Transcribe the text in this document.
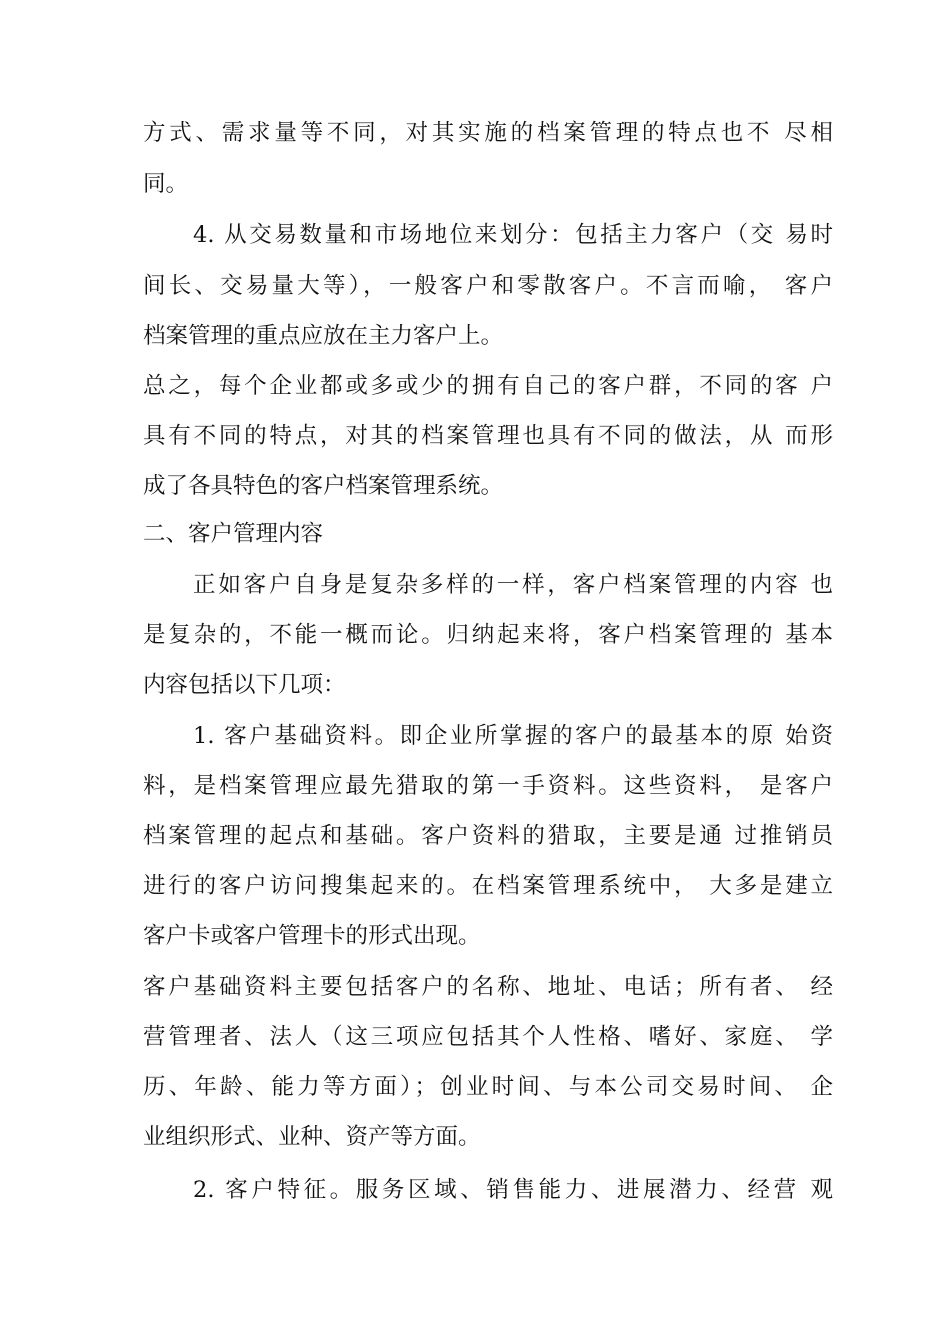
方式、需求量等不同，对其实施的档案管理的特点也不 尽相
同。
4. 从交易数量和市场地位来划分：包括主力客户（交 易时
间长、交易量大等），一般客户和零散客户。不言而喻， 客户
档案管理的重点应放在主力客户上。
总之，每个企业都或多或少的拥有自己的客户群，不同的客 户
具有不同的特点，对其的档案管理也具有不同的做法，从 而形
成了各具特色的客户档案管理系统。
二、客户管理内容
正如客户自身是复杂多样的一样，客户档案管理的内容 也
是复杂的，不能一概而论。归纳起来将，客户档案管理的 基本
内容包括以下几项：
1. 客户基础资料。即企业所掌握的客户的最基本的原 始资
料，是档案管理应最先猎取的第一手资料。这些资料， 是客户
档案管理的起点和基础。客户资料的猎取，主要是通 过推销员
进行的客户访问搜集起来的。在档案管理系统中， 大多是建立
客户卡或客户管理卡的形式出现。
客户基础资料主要包括客户的名称、地址、电话；所有者、 经
营管理者、法人（这三项应包括其个人性格、嗜好、家庭、 学
历、年龄、能力等方面）；创业时间、与本公司交易时间、 企
业组织形式、业种、资产等方面。
2. 客户特征。服务区域、销售能力、进展潜力、经营 观
